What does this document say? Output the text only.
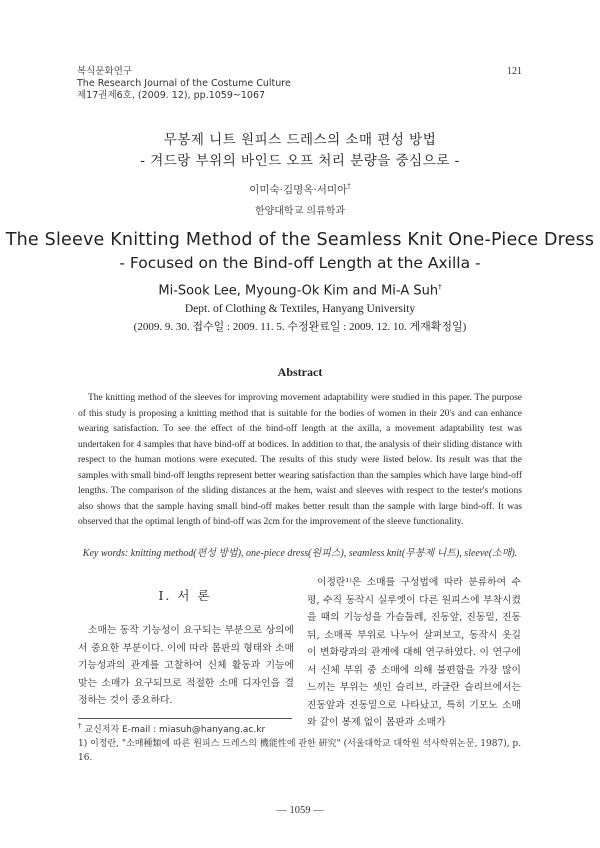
복식문화연구
The Research Journal of the Costume Culture
제17권제6호, (2009. 12), pp.1059~1067
121
무봉제 니트 원피스 드레스의 소매 편성 방법
- 겨드랑 부위의 바인드 오프 처리 분량을 중심으로 -
이미숙·김명옥·서미아†
한양대학교 의류학과
The Sleeve Knitting Method of the Seamless Knit One-Piece Dress
- Focused on the Bind-off Length at the Axilla -
Mi-Sook Lee, Myoung-Ok Kim and Mi-A Suh†
Dept. of Clothing & Textiles, Hanyang University
(2009. 9. 30. 접수일 : 2009. 11. 5. 수정완료일 : 2009. 12. 10. 게재확정일)
Abstract
The knitting method of the sleeves for improving movement adaptability were studied in this paper. The purpose of this study is proposing a knitting method that is suitable for the bodies of women in their 20's and can enhance wearing satisfaction. To see the effect of the bind-off length at the axilla, a movement adaptability test was undertaken for 4 samples that have bind-off at bodices. In addition to that, the analysis of their sliding distance with respect to the human motions were executed. The results of this study were listed below. Its result was that the samples with small bind-off lengths represent better wearing satisfaction than the samples which have large bind-off lengths. The comparison of the sliding distances at the hem, waist and sleeves with respect to the tester's motions also shows that the sample having small bind-off makes better result than the sample with large bind-off. It was observed that the optimal length of bind-off was 2cm for the improvement of the sleeve functionality.
Key words: knitting method(편성 방법), one-piece dress(원피스), seamless knit(무봉제 니트), sleeve(소매).
Ⅰ. 서 론
소매는 동작 기능성이 요구되는 부분으로 상의에서 중요한 부분이다. 이에 따라 몸판의 형태와 소매 기능성과의 관계를 고찰하여 신체 활동과 기능에 맞는 소매가 요구되므로 적절한 소매 디자인을 결정하는 것이 중요하다.
이정란¹⁾은 소매를 구성법에 따라 분류하여 수평, 수직 동작시 실루엣이 다른 원피스에 부착시켰을 때의 기능성을 가슴둘레, 진동앞, 진동밑, 진동뒤, 소매폭 부위로 나누어 살펴보고, 동작시 옷길이 변화량과의 관계에 대해 연구하였다. 이 연구에서 신체 부위 중 소매에 의해 불편함을 가장 많이 느끼는 부위는 셋인 슬리브, 라글란 슬리브에서는 진동앞과 진동밑으로 나타났고, 특히 기모노 소매와 같이 봉제 없이 몸판과 소매가
† 교신저자 E-mail : miasuh@hanyang.ac.kr
1) 이정란, "소매種類에 따른 원피스 드레스의 機能性에 관한 硏究" (서울대학교 대학원 석사학위논문, 1987), p. 16.
— 1059 —
